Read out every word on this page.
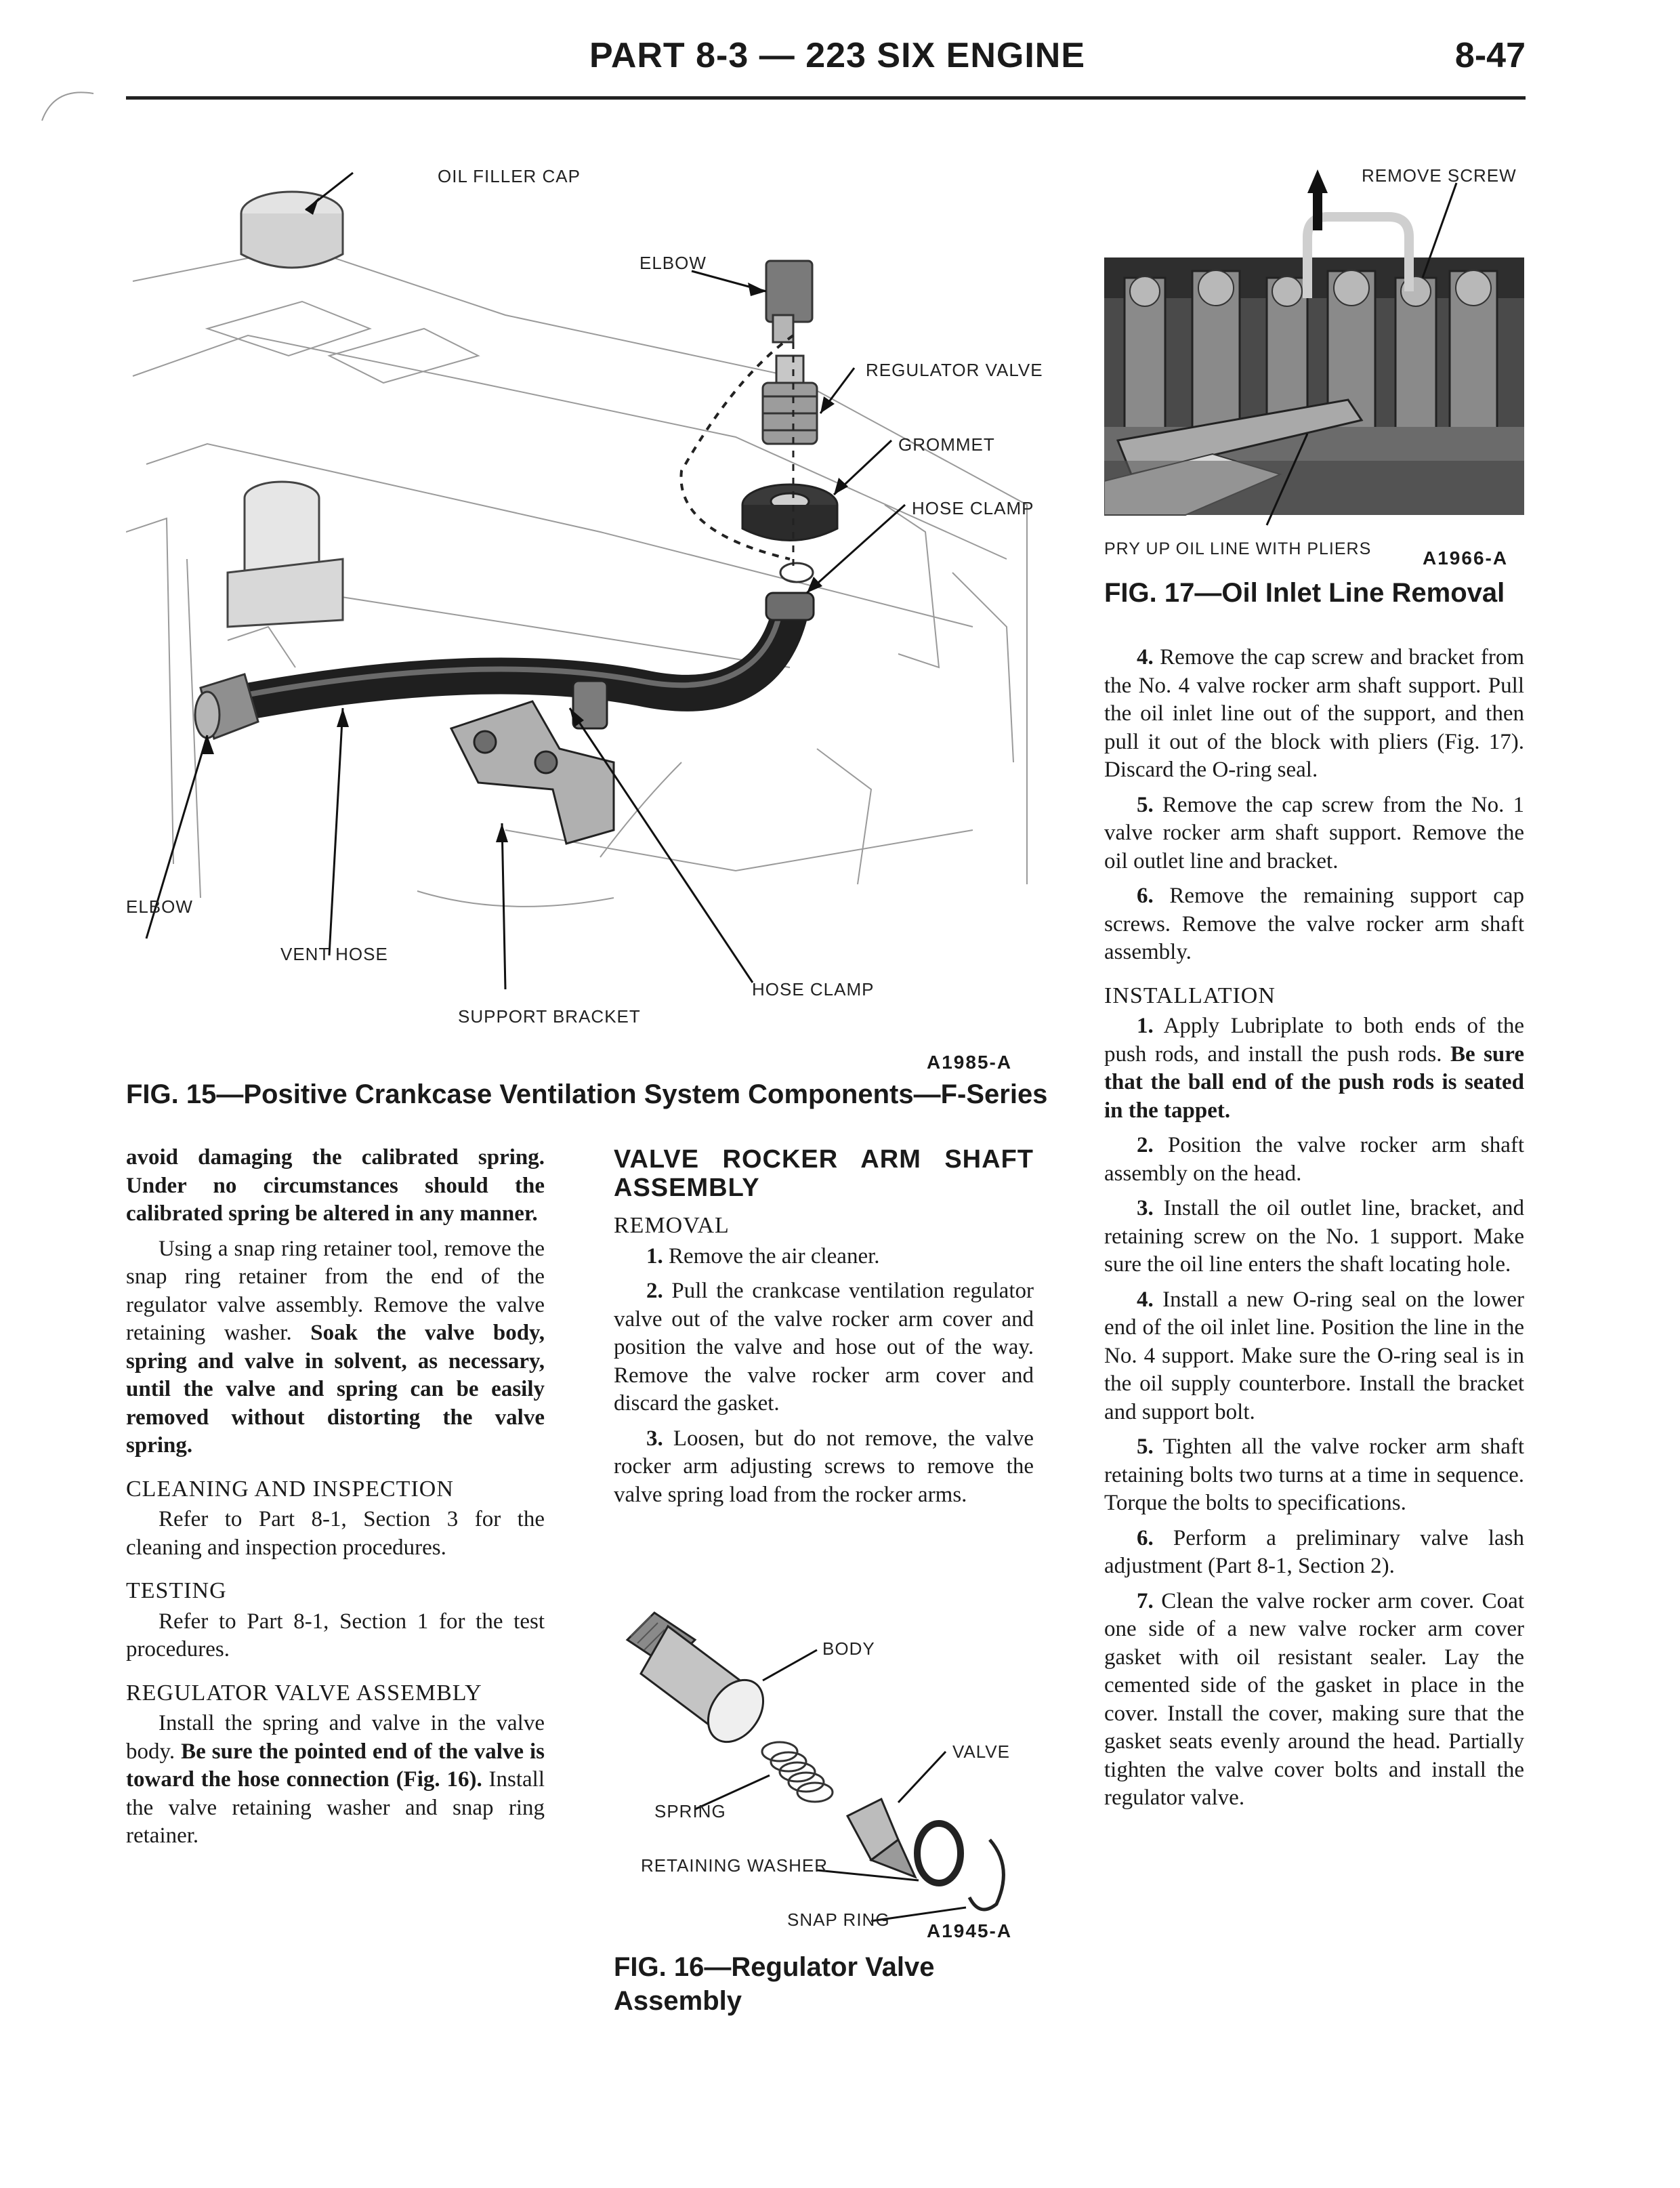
PART 8-3 — 223 SIX ENGINE	8-47
OIL FILLER CAP
ELBOW
REGULATOR VALVE
GROMMET
HOSE CLAMP
ELBOW
VENT HOSE
SUPPORT BRACKET
HOSE CLAMP
A1985-A
FIG. 15—Positive Crankcase Ventilation System Components—F-Series
REMOVE SCREW
PRY UP OIL LINE WITH PLIERS	A1966-A
FIG. 17—Oil Inlet Line Removal

avoid damaging the calibrated spring. Under no circumstances should the calibrated spring be altered in any manner.

Using a snap ring retainer tool, remove the snap ring retainer from the end of the regulator valve assembly. Remove the valve retaining washer. Soak the valve body, spring and valve in solvent, as necessary, until the valve and spring can be easily removed without distorting the valve spring.

CLEANING AND INSPECTION

Refer to Part 8-1, Section 3 for the cleaning and inspection procedures.

TESTING

Refer to Part 8-1, Section 1 for the test procedures.

REGULATOR VALVE ASSEMBLY

Install the spring and valve in the valve body. Be sure the pointed end of the valve is toward the hose connection (Fig. 16). Install the valve retaining washer and snap ring retainer.

VALVE ROCKER ARM SHAFT ASSEMBLY
REMOVAL

1. Remove the air cleaner.

2. Pull the crankcase ventilation regulator valve out of the valve rocker arm cover and position the valve and hose out of the way. Remove the valve rocker arm cover and discard the gasket.

3. Loosen, but do not remove, the valve rocker arm adjusting screws to remove the valve spring load from the rocker arms.

BODY
VALVE
SPRING
RETAINING WASHER
SNAP RING
A1945-A
FIG. 16—Regulator Valve
Assembly

4. Remove the cap screw and bracket from the No. 4 valve rocker arm shaft support. Pull the oil inlet line out of the support, and then pull it out of the block with pliers (Fig. 17). Discard the O-ring seal.

5. Remove the cap screw from the No. 1 valve rocker arm shaft support. Remove the oil outlet line and bracket.

6. Remove the remaining support cap screws. Remove the valve rocker arm shaft assembly.

INSTALLATION

1. Apply Lubriplate to both ends of the push rods, and install the push rods. Be sure that the ball end of the push rods is seated in the tappet.

2. Position the valve rocker arm shaft assembly on the head.

3. Install the oil outlet line, bracket, and retaining screw on the No. 1 support. Make sure the oil line enters the shaft locating hole.

4. Install a new O-ring seal on the lower end of the oil inlet line. Position the line in the No. 4 support. Make sure the O-ring seal is in the oil supply counterbore. Install the bracket and support bolt.

5. Tighten all the valve rocker arm shaft retaining bolts two turns at a time in sequence. Torque the bolts to specifications.

6. Perform a preliminary valve lash adjustment (Part 8-1, Section 2).

7. Clean the valve rocker arm cover. Coat one side of a new valve rocker arm cover gasket with oil resistant sealer. Lay the cemented side of the gasket in place in the cover. Install the cover, making sure that the gasket seats evenly around the head. Partially tighten the valve cover bolts and install the regulator valve.
